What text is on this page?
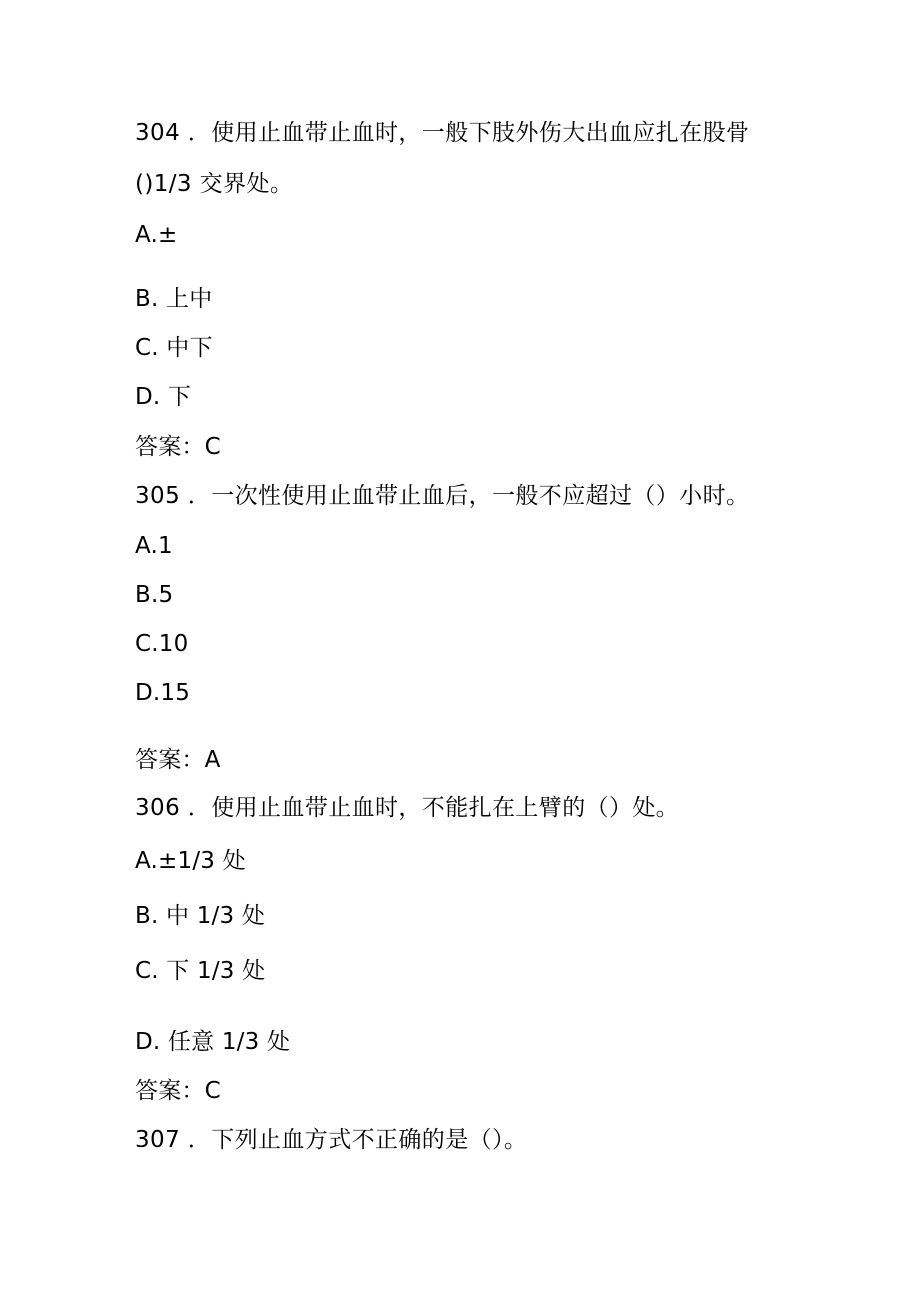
304 ．使用止血带止血时，一般下肢外伤大出血应扎在股骨
()1/3 交界处。
A.±
B. 上中
C. 中下
D. 下
答案：C
305 ．一次性使用止血带止血后，一般不应超过（）小时。
A.1
B.5
C.10
D.15
答案：A
306 ．使用止血带止血时，不能扎在上臂的（）处。
A.±1/3 处
B. 中 1/3 处
C. 下 1/3 处
D. 任意 1/3 处
答案：C
307 ．下列止血方式不正确的是（）。
